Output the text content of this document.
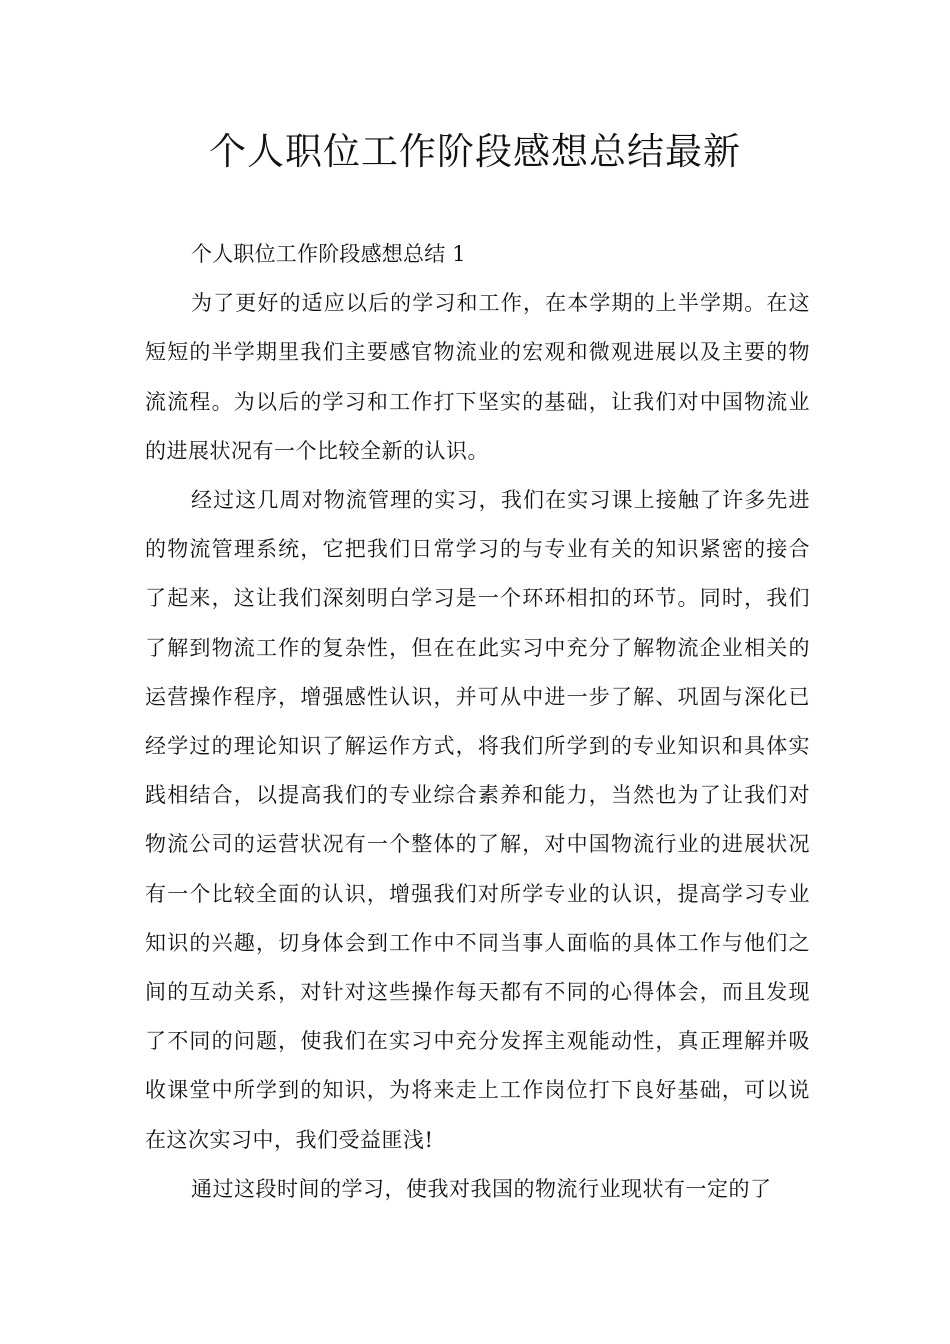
个人职位工作阶段感想总结最新

个人职位工作阶段感想总结 1

为了更好的适应以后的学习和工作，在本学期的上半学期。在这短短的半学期里我们主要感官物流业的宏观和微观进展以及主要的物流流程。为以后的学习和工作打下坚实的基础，让我们对中国物流业的进展状况有一个比较全新的认识。

经过这几周对物流管理的实习，我们在实习课上接触了许多先进的物流管理系统，它把我们日常学习的与专业有关的知识紧密的接合了起来，这让我们深刻明白学习是一个环环相扣的环节。同时，我们了解到物流工作的复杂性，但在在此实习中充分了解物流企业相关的运营操作程序，增强感性认识，并可从中进一步了解、巩固与深化已经学过的理论知识了解运作方式，将我们所学到的专业知识和具体实践相结合，以提高我们的专业综合素养和能力，当然也为了让我们对物流公司的运营状况有一个整体的了解，对中国物流行业的进展状况有一个比较全面的认识，增强我们对所学专业的认识，提高学习专业知识的兴趣，切身体会到工作中不同当事人面临的具体工作与他们之间的互动关系，对针对这些操作每天都有不同的心得体会，而且发现了不同的问题，使我们在实习中充分发挥主观能动性，真正理解并吸收课堂中所学到的知识，为将来走上工作岗位打下良好基础，可以说在这次实习中，我们受益匪浅!

通过这段时间的学习，使我对我国的物流行业现状有一定的了
